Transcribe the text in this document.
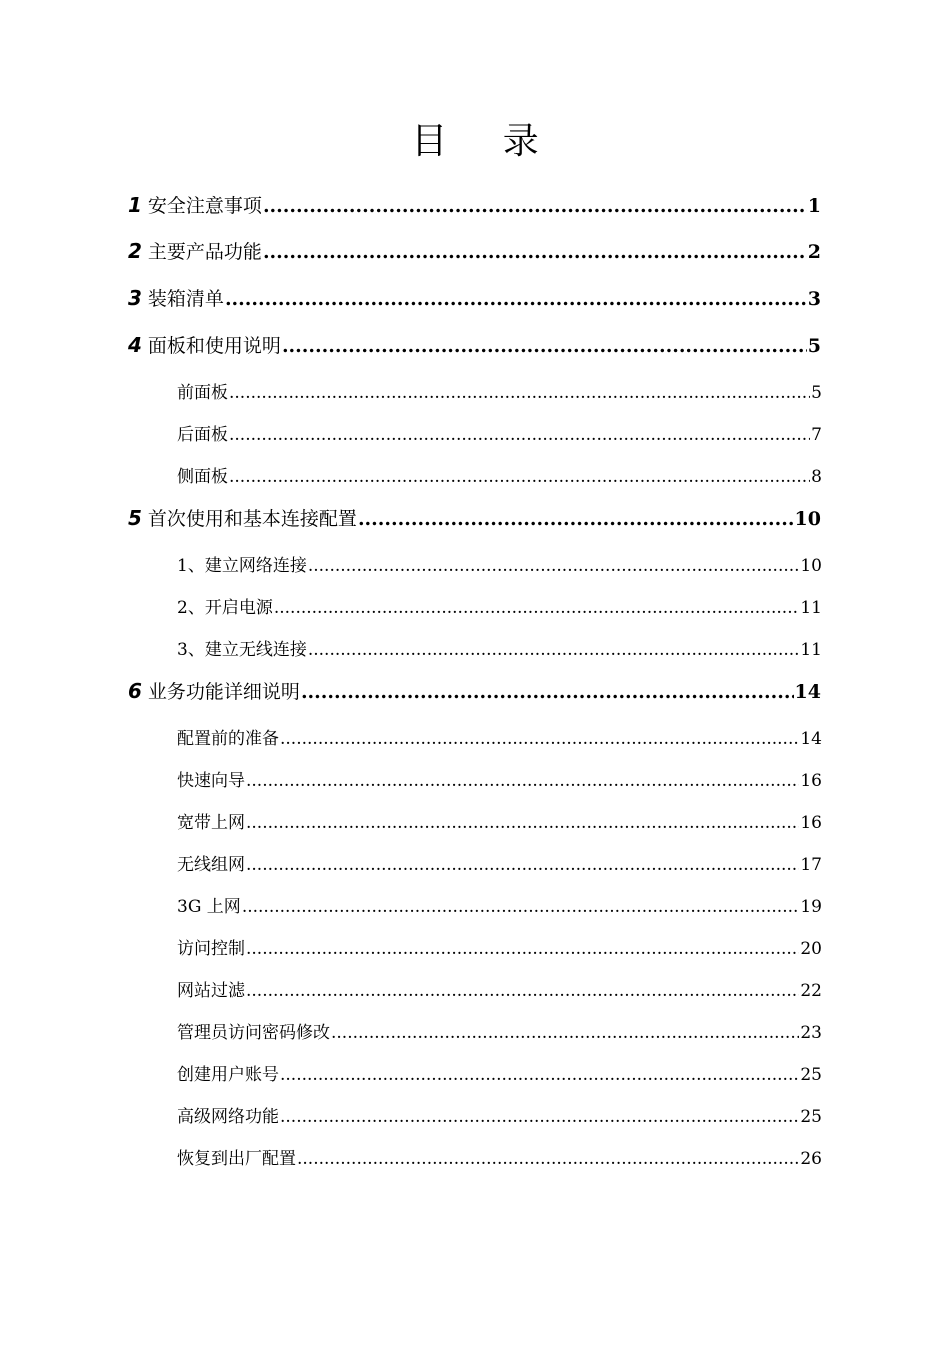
目 录
1 安全注意事项 .....	1
2 主要产品功能 .....	2
3 装箱清单 .....	3
4 面板和使用说明 .....	5
前面板 .....	5
后面板 .....	7
侧面板 .....	8
5 首次使用和基本连接配置 .....	10
1、建立网络连接 .....	10
2、开启电源 .....	11
3、建立无线连接 .....	11
6 业务功能详细说明 .....	14
配置前的准备 .....	14
快速向导 .....	16
宽带上网 .....	16
无线组网 .....	17
3G 上网 .....	19
访问控制 .....	20
网站过滤 .....	22
管理员访问密码修改 .....	23
创建用户账号 .....	25
高级网络功能 .....	25
恢复到出厂配置 .....	26
